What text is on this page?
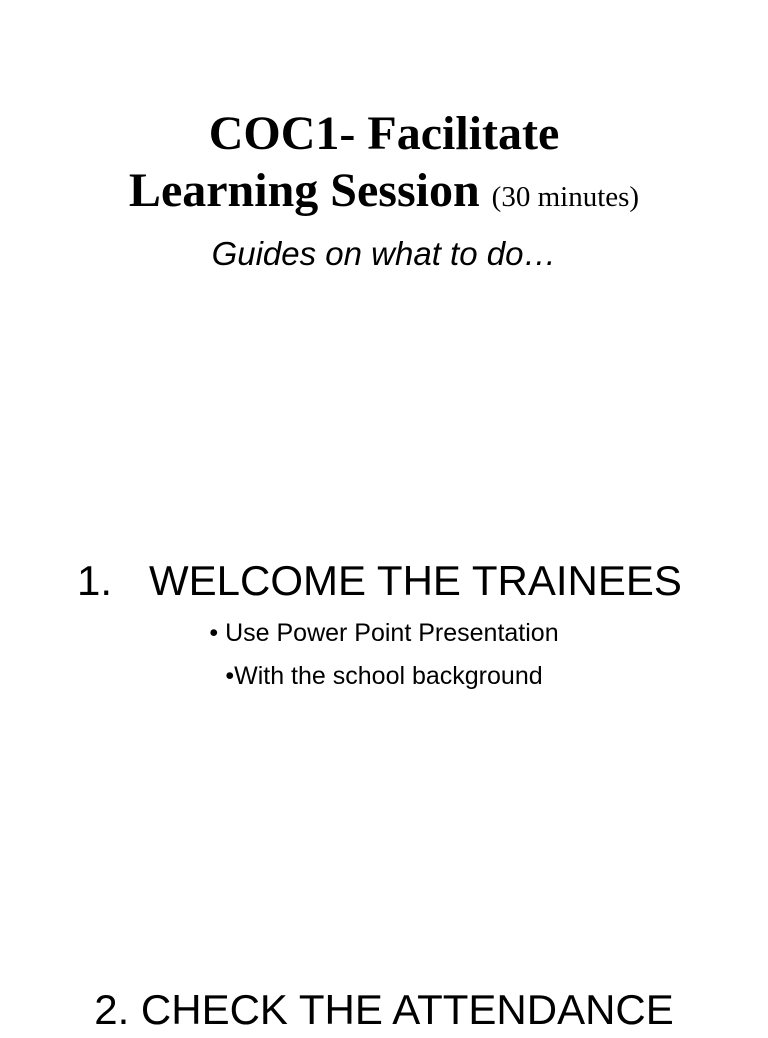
COC1- Facilitate
Learning Session (30 minutes)
Guides on what to do…
1. WELCOME THE TRAINEES
• Use Power Point Presentation
•With the school background
2. CHECK THE ATTENDANCE
